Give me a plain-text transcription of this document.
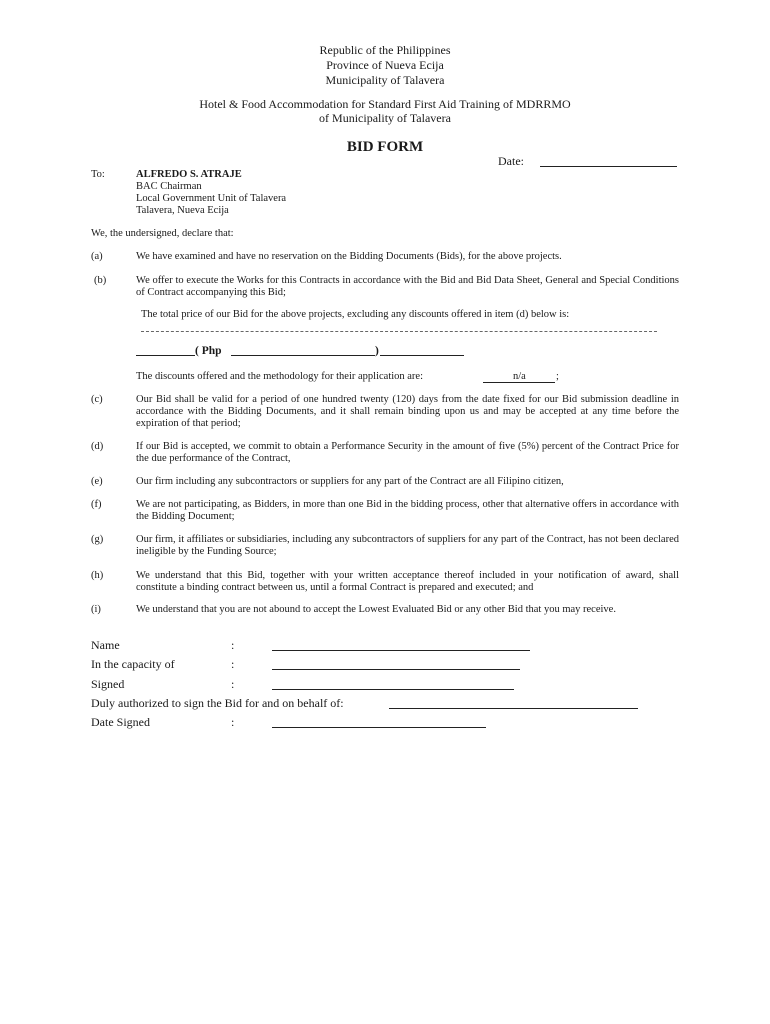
Republic of the Philippines
Province of Nueva Ecija
Municipality of Talavera
Hotel & Food Accommodation for Standard First Aid Training of MDRRMO
of Municipality of Talavera
BID FORM
Date:
To:	ALFREDO S. ATRAJE
BAC Chairman
Local Government Unit of Talavera
Talavera, Nueva Ecija
We, the undersigned, declare that:
(a)	We have examined and have no reservation on the Bidding Documents (Bids), for the above projects.
(b)	We offer to execute the Works for this Contracts in accordance with the Bid and Bid Data Sheet, General and Special Conditions of Contract accompanying this Bid;
The total price of our Bid for the above projects, excluding any discounts offered in item (d) below is:
( Php	)
The discounts offered and the methodology for their application are:	n/a	;
(c)	Our Bid shall be valid for a period of one hundred twenty (120) days from the date fixed for our Bid submission deadline in accordance with the Bidding Documents, and it shall remain binding upon us and may be accepted at any time before the expiration of that period;
(d)	If our Bid is accepted, we commit to obtain a Performance Security in the amount of five (5%) percent of the Contract Price for the due performance of the Contract,
(e)	Our firm including any subcontractors or suppliers for any part of the Contract are all Filipino citizen,
(f)	We are not participating, as Bidders, in more than one Bid in the bidding process, other that alternative offers in accordance with the Bidding Document;
(g)	Our firm, it affiliates or subsidiaries, including any subcontractors of suppliers for any part of the Contract, has not been declared ineligible by the Funding Source;
(h)	We understand that this Bid, together with your written acceptance thereof included in your notification of award, shall constitute a binding contract between us, until a formal Contract is prepared and executed; and
(i)	We understand that you are not abound to accept the Lowest Evaluated Bid or any other Bid that you may receive.
Name	:
In the capacity of	:
Signed	:
Duly authorized to sign the Bid for and on behalf of:
Date Signed	:
